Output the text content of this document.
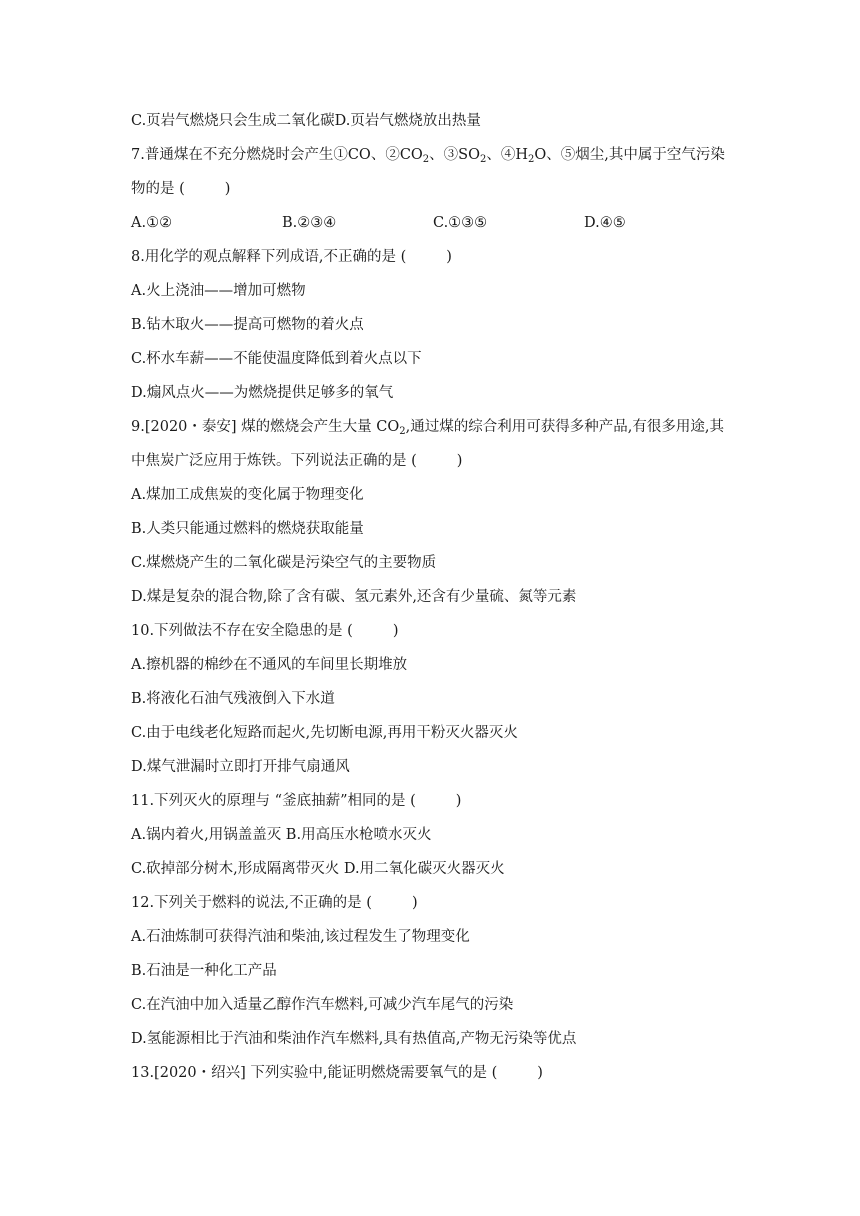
C.页岩气燃烧只会生成二氧化碳D.页岩气燃烧放出热量
7.普通煤在不充分燃烧时会产生①CO、$②CO_2$、$③SO_2$、$④H_2O$、⑤烟尘,其中属于空气污染
物的是 (	)
A.①②	B.②③④	C.①③⑤	D.④⑤
8.用化学的观点解释下列成语,不正确的是 (	)
A.火上浇油——增加可燃物
B.钻木取火——提高可燃物的着火点
C.杯水车薪——不能使温度降低到着火点以下
D.煽风点火——为燃烧提供足够多的氧气
9.[2020・泰安] 煤的燃烧会产生大量 $CO_2$,通过煤的综合利用可获得多种产品,有很多用途,其
中焦炭广泛应用于炼铁。下列说法正确的是 (	)
A.煤加工成焦炭的变化属于物理变化
B.人类只能通过燃料的燃烧获取能量
C.煤燃烧产生的二氧化碳是污染空气的主要物质
D.煤是复杂的混合物,除了含有碳、氢元素外,还含有少量硫、氮等元素
10.下列做法不存在安全隐患的是 (	)
A.擦机器的棉纱在不通风的车间里长期堆放
B.将液化石油气残液倒入下水道
C.由于电线老化短路而起火,先切断电源,再用干粉灭火器灭火
D.煤气泄漏时立即打开排气扇通风
11.下列灭火的原理与 “釜底抽薪”相同的是 (	)
A.锅内着火,用锅盖盖灭 B.用高压水枪喷水灭火
C.砍掉部分树木,形成隔离带灭火 D.用二氧化碳灭火器灭火
12.下列关于燃料的说法,不正确的是 (	)
A.石油炼制可获得汽油和柴油,该过程发生了物理变化
B.石油是一种化工产品
C.在汽油中加入适量乙醇作汽车燃料,可减少汽车尾气的污染
D.氢能源相比于汽油和柴油作汽车燃料,具有热值高,产物无污染等优点
13.[2020・绍兴] 下列实验中,能证明燃烧需要氧气的是 (	)
